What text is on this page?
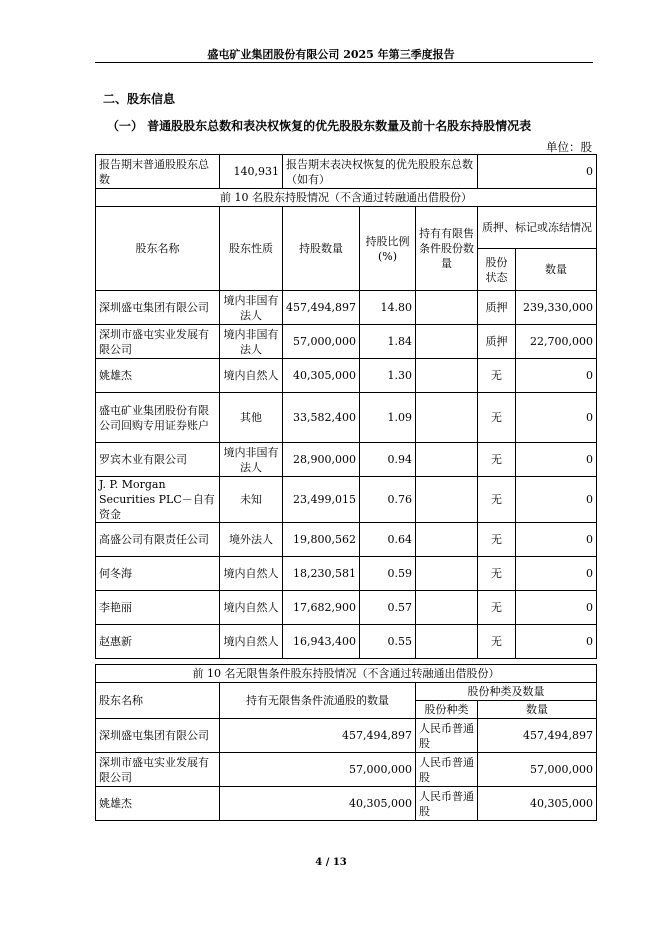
盛屯矿业集团股份有限公司 2025 年第三季度报告
二、股东信息
（一） 普通股股东总数和表决权恢复的优先股股东数量及前十名股东持股情况表
单位：股
报告期末普通股股东总数	140,931	报告期末表决权恢复的优先股股东总数（如有）			0	
前 10 名股东持股情况（不含通过转融通出借股份）						
股东名称	股东性质	持股数量	持股比例(%)	持有有限售条件股份数量	质押、标记或冻结情况	
					股份状态	数量
深圳盛屯集团有限公司	境内非国有法人	457,494,897	14.80		质押	239,330,000
深圳市盛屯实业发展有限公司	境内非国有法人	57,000,000	1.84		质押	22,700,000
姚雄杰	境内自然人	40,305,000	1.30		无	0
盛屯矿业集团股份有限公司回购专用证券账户	其他	33,582,400	1.09		无	0
罗宾木业有限公司	境内非国有法人	28,900,000	0.94		无	0
J. P. Morgan Securities PLC－自有资金	未知	23,499,015	0.76		无	0
高盛公司有限责任公司	境外法人	19,800,562	0.64		无	0
何冬海	境内自然人	18,230,581	0.59		无	0
李艳丽	境内自然人	17,682,900	0.57		无	0
赵惠新	境内自然人	16,943,400	0.55		无	0
前 10 名无限售条件股东持股情况（不含通过转融通出借股份）			
股东名称	持有无限售条件流通股的数量	股份种类及数量	
		股份种类	数量
深圳盛屯集团有限公司	457,494,897	人民币普通股	457,494,897
深圳市盛屯实业发展有限公司	57,000,000	人民币普通股	57,000,000
姚雄杰	40,305,000	人民币普通股	40,305,000
4 / 13
